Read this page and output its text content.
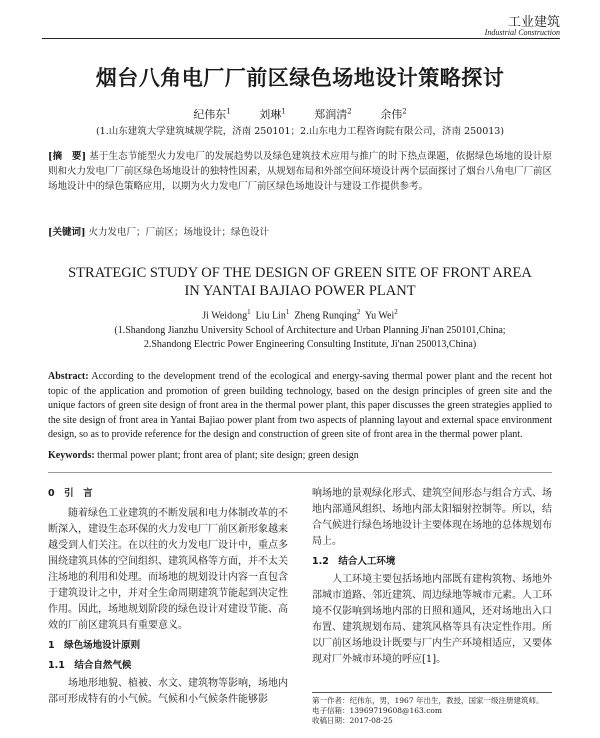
工业建筑
Industrial Construction
烟台八角电厂厂前区绿色场地设计策略探讨
纪伟东$^1$	刘琳$^1$	郑润清$^2$	余伟$^2$
(1.山东建筑大学建筑城规学院，济南 250101；2.山东电力工程咨询院有限公司，济南 250013)
[摘　要] 基于生态节能型火力发电厂的发展趋势以及绿色建筑技术应用与推广的时下热点课题，依据绿色场地的设计原则和火力发电厂厂前区绿色场地设计的独特性因素，从规划布局和外部空间环境设计两个层面探讨了烟台八角电厂厂前区场地设计中的绿色策略应用，以期为火力发电厂厂前区绿色场地设计与建设工作提供参考。
[关键词] 火力发电厂；厂前区；场地设计；绿色设计
STRATEGIC STUDY OF THE DESIGN OF GREEN SITE OF FRONT AREA IN YANTAI BAJIAO POWER PLANT
Ji Weidong$^1$ Liu Lin$^1$ Zheng Runqing$^2$ Yu Wei$^2$
(1.Shandong Jianzhu University School of Architecture and Urban Planning Ji'nan 250101,China; 2.Shandong Electric Power Engineering Consulting Institute, Ji'nan 250013,China)
Abstract: According to the development trend of the ecological and energy-saving thermal power plant and the recent hot topic of the application and promotion of green building technology, based on the design principles of green site and the unique factors of green site design of front area in the thermal power plant, this paper discusses the green strategies applied to the site design of front area in Yantai Bajiao power plant from two aspects of planning layout and external space environment design, so as to provide reference for the design and construction of green site of front area in the thermal power plant.
Keywords: thermal power plant; front area of plant; site design; green design
0　引　言

随着绿色工业建筑的不断发展和电力体制改革的不断深入，建设生态环保的火力发电厂厂前区新形象越来越受到人们关注。在以往的火力发电厂设计中，重点多围绕建筑具体的空间组织、建筑风格等方面，并不太关注场地的利用和处理。而场地的规划设计内容一直包含于建筑设计之中，并对全生命周期建筑节能起到决定性作用。因此，场地规划阶段的绿色设计对建设节能、高效的厂前区建筑具有重要意义。

1　绿色场地设计原则
1.1　结合自然气候

场地形地貌、植被、水文、建筑物等影响，场地内部可形成特有的小气候。气候和小气候条件能够影

响场地的景观绿化形式、建筑空间形态与组合方式、场地内部通风组织、场地内部太阳辐射控制等。所以，结合气候进行绿色场地设计主要体现在场地的总体规划布局上。

1.2　结合人工环境

人工环境主要包括场地内部既有建构筑物、场地外部城市道路、邻近建筑、周边绿地等城市元素。人工环境不仅影响到场地内部的日照和通风，还对场地出入口布置、建筑规划布局、建筑风格等具有决定性作用。所以厂前区场地设计既要与厂内生产环境相适应，又要体现对厂外城市环境的呼应[1]。

第一作者：纪伟东，男，1967 年出生，教授，国家一级注册建筑师。
电子信箱：13969719608@163.com
收稿日期：2017-08-25
